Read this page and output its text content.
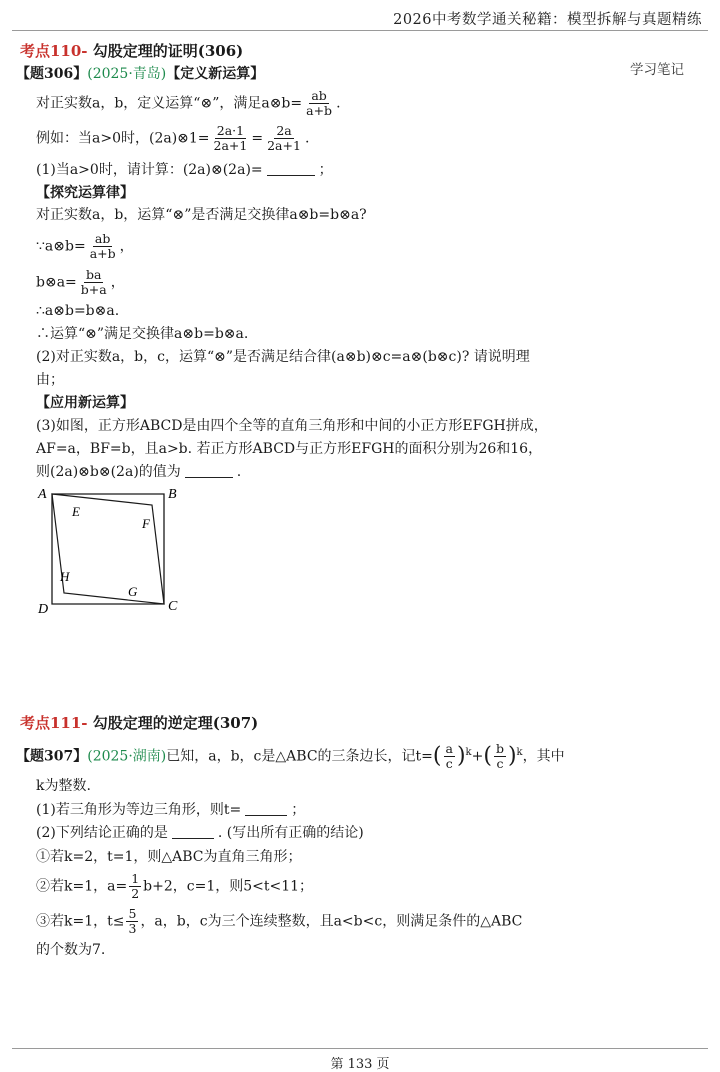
2026中考数学通关秘籍：模型拆解与真题精练
学习笔记
考点110- 勾股定理的证明(306)
【题306】(2025·青岛)【定义新运算】
对正实数a，b，定义运算“⊗”，满足a⊗b= $\frac{ab}{a+b}$ .
例如：当a>0时，(2a)⊗1= $\frac{2a\cdot 1}{2a+1} = \frac{2a}{2a+1}$ .
(1)当a>0时，请计算：(2a)⊗(2a)=	；
【探究运算律】
对正实数a，b，运算“⊗”是否满足交换律a⊗b=b⊗a?
∵a⊗b= $\frac{ab}{a+b}$ ，
b⊗a= $\frac{ba}{b+a}$ ，
∴a⊗b=b⊗a.
∴运算“⊗”满足交换律a⊗b=b⊗a.
(2)对正实数a，b，c，运算“⊗”是否满足结合律(a⊗b)⊗c=a⊗(b⊗c)? 请说明理
由；
【应用新运算】
(3)如图，正方形ABCD是由四个全等的直角三角形和中间的小正方形EFGH拼成，
AF=a，BF=b，且a>b. 若正方形ABCD与正方形EFGH的面积分别为26和16，
则(2a)⊗b⊗(2a)的值为	.
A	B
C
D
E
F
G
H
考点111- 勾股定理的逆定理(307)
【题307】(2025·湖南)已知，a，b，c是△ABC的三条边长，记$t=( \frac{a}{c} )^k+( \frac{b}{c} )^k$，其中
k为整数.
(1)若三角形为等边三角形，则t=	；
(2)下列结论正确的是	. (写出所有正确的结论)
①若k=2，t=1，则△ABC为直角三角形；
②若k=1，$a= \frac{1}{2} b+2$，c=1，则5<t<11；
③若k=1，$t\le \frac{5}{3}$ ，a，b，c为三个连续整数，且a<b<c，则满足条件的△ABC
的个数为7.
第 133 页
